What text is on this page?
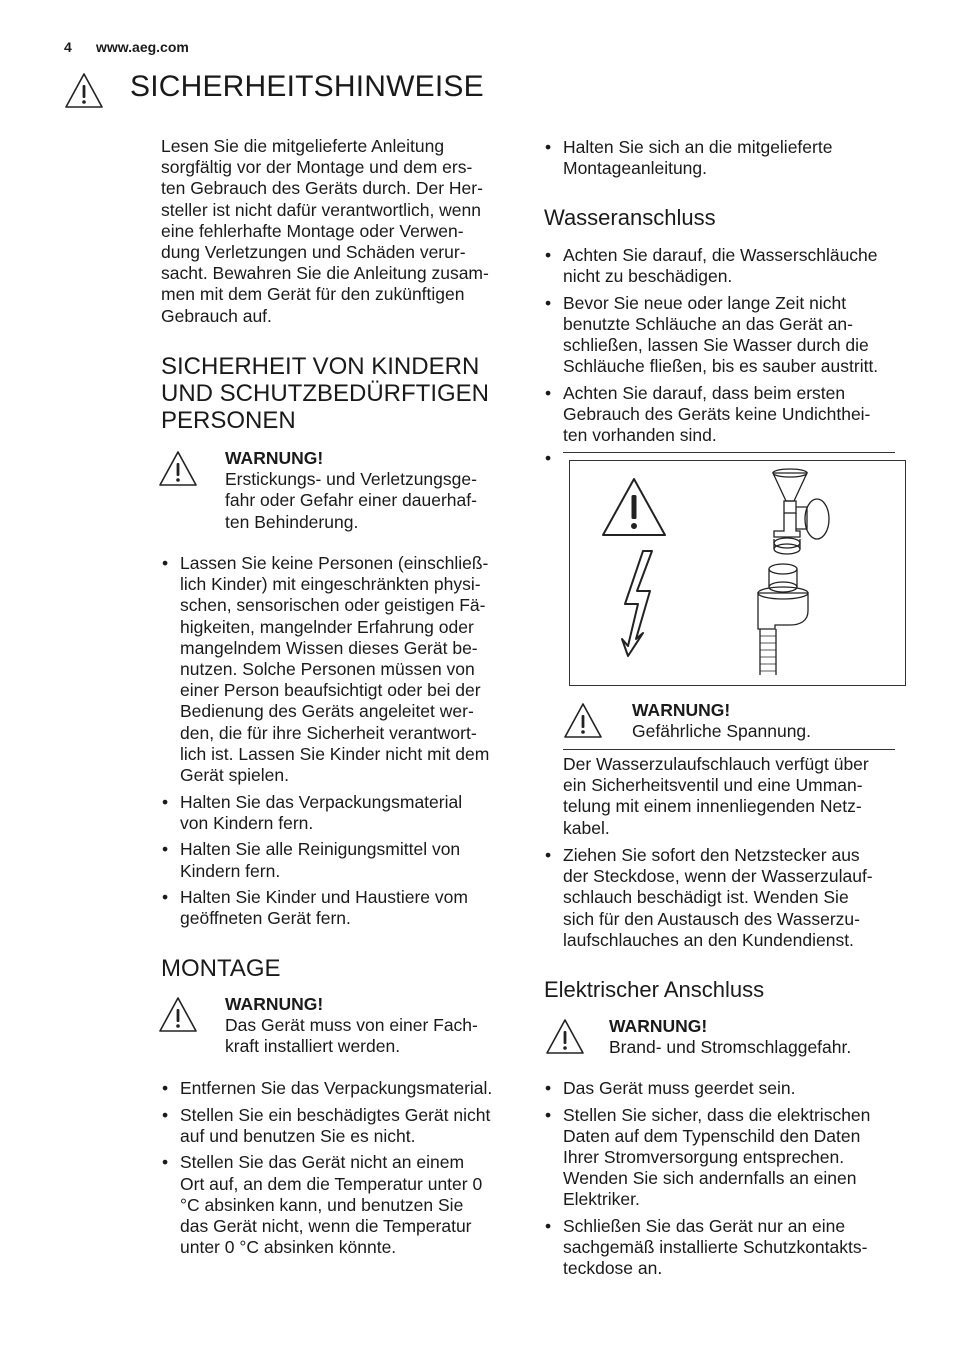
4 www.aeg.com
SICHERHEITSHINWEISE
Lesen Sie die mitgelieferte Anleitung
sorgfältig vor der Montage und dem ers-
ten Gebrauch des Geräts durch. Der Her-
steller ist nicht dafür verantwortlich, wenn
eine fehlerhafte Montage oder Verwen-
dung Verletzungen und Schäden verur-
sacht. Bewahren Sie die Anleitung zusam-
men mit dem Gerät für den zukünftigen
Gebrauch auf.
SICHERHEIT VON KINDERN
UND SCHUTZBEDÜRFTIGEN
PERSONEN
WARNUNG!
Erstickungs- und Verletzungsge-
fahr oder Gefahr einer dauerhaf-
ten Behinderung.
• Lassen Sie keine Personen (einschließ-
lich Kinder) mit eingeschränkten physi-
schen, sensorischen oder geistigen Fä-
higkeiten, mangelnder Erfahrung oder
mangelndem Wissen dieses Gerät be-
nutzen. Solche Personen müssen von
einer Person beaufsichtigt oder bei der
Bedienung des Geräts angeleitet wer-
den, die für ihre Sicherheit verantwort-
lich ist. Lassen Sie Kinder nicht mit dem
Gerät spielen.
• Halten Sie das Verpackungsmaterial
von Kindern fern.
• Halten Sie alle Reinigungsmittel von
Kindern fern.
• Halten Sie Kinder und Haustiere vom
geöffneten Gerät fern.
MONTAGE
WARNUNG!
Das Gerät muss von einer Fach-
kraft installiert werden.
• Entfernen Sie das Verpackungsmaterial.
• Stellen Sie ein beschädigtes Gerät nicht
auf und benutzen Sie es nicht.
• Stellen Sie das Gerät nicht an einem
Ort auf, an dem die Temperatur unter 0
°C absinken kann, und benutzen Sie
das Gerät nicht, wenn die Temperatur
unter 0 °C absinken könnte.
• Halten Sie sich an die mitgelieferte
Montageanleitung.
Wasseranschluss
• Achten Sie darauf, die Wasserschläuche
nicht zu beschädigen.
• Bevor Sie neue oder lange Zeit nicht
benutzte Schläuche an das Gerät an-
schließen, lassen Sie Wasser durch die
Schläuche fließen, bis es sauber austritt.
• Achten Sie darauf, dass beim ersten
Gebrauch des Geräts keine Undichthei-
ten vorhanden sind.
•
WARNUNG!
Gefährliche Spannung.
Der Wasserzulaufschlauch verfügt über
ein Sicherheitsventil und eine Umman-
telung mit einem innenliegenden Netz-
kabel.
• Ziehen Sie sofort den Netzstecker aus
der Steckdose, wenn der Wasserzulauf-
schlauch beschädigt ist. Wenden Sie
sich für den Austausch des Wasserzu-
laufschlauches an den Kundendienst.
Elektrischer Anschluss
WARNUNG!
Brand- und Stromschlaggefahr.
• Das Gerät muss geerdet sein.
• Stellen Sie sicher, dass die elektrischen
Daten auf dem Typenschild den Daten
Ihrer Stromversorgung entsprechen.
Wenden Sie sich andernfalls an einen
Elektriker.
• Schließen Sie das Gerät nur an eine
sachgemäß installierte Schutzkontakts-
teckdose an.
